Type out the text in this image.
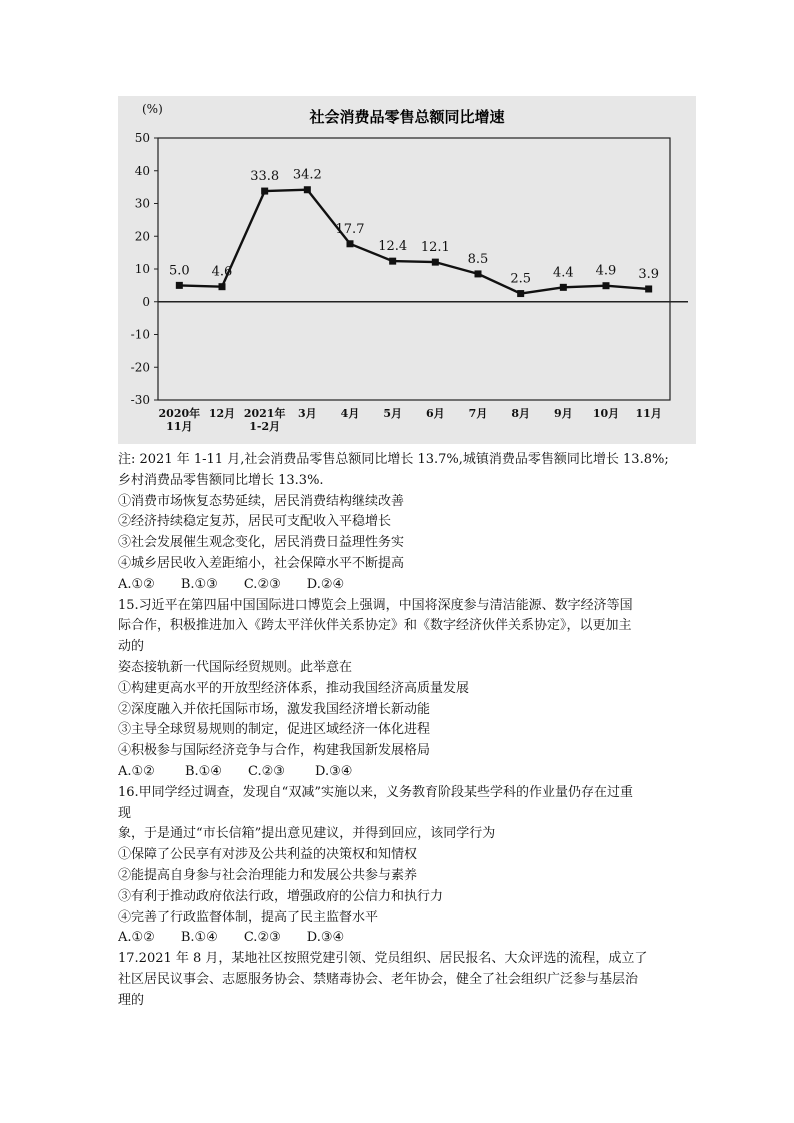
社会消费品零售总额同比增速
(%)
50
40
30
20
10
0
-10
-20
-30
2020年 11月
12月 2021年 1-2月
3月 4月 5月 6月 7月 8月 9月 10月 11月
5.0 4.6
33.8 34.2
17.7
12.4 12.1
8.5
2.5 4.4 4.9 3.9
注: 2021 年 1-11 月,社会消费品零售总额同比增长 13.7%,城镇消费品零售额同比增长 13.8%;
乡村消费品零售额同比增长 13.3%.
①消费市场恢复态势延续，居民消费结构继续改善
②经济持续稳定复苏，居民可支配收入平稳增长
③社会发展催生观念变化，居民消费日益理性务实
④城乡居民收入差距缩小，社会保障水平不断提高
A.①②　　B.①③　　C.②③　　D.②④
15.习近平在第四届中国国际进口博览会上强调，中国将深度参与清洁能源、数字经济等国
际合作，积极推进加入《跨太平洋伙伴关系协定》和《数字经济伙伴关系协定》，以更加主
动的
姿态接轨新一代国际经贸规则。此举意在
①构建更高水平的开放型经济体系，推动我国经济高质量发展
②深度融入并依托国际市场，激发我国经济增长新动能
③主导全球贸易规则的制定，促进区域经济一体化进程
④积极参与国际经济竞争与合作，构建我国新发展格局
A.①②　　 B.①④　　C.②③　　 D.③④
16.甲同学经过调查，发现自“双减”实施以来，义务教育阶段某些学科的作业量仍存在过重
现
象，于是通过“市长信箱”提出意见建议，并得到回应，该同学行为
①保障了公民享有对涉及公共利益的决策权和知情权
②能提高自身参与社会治理能力和发展公共参与素养
③有利于推动政府依法行政，增强政府的公信力和执行力
④完善了行政监督体制，提高了民主监督水平
A.①②　　B.①④　　C.②③　　D.③④
17.2021 年 8 月，某地社区按照党建引领、党员组织、居民报名、大众评选的流程，成立了
社区居民议事会、志愿服务协会、禁赌毒协会、老年协会，健全了社会组织广泛参与基层治
理的
